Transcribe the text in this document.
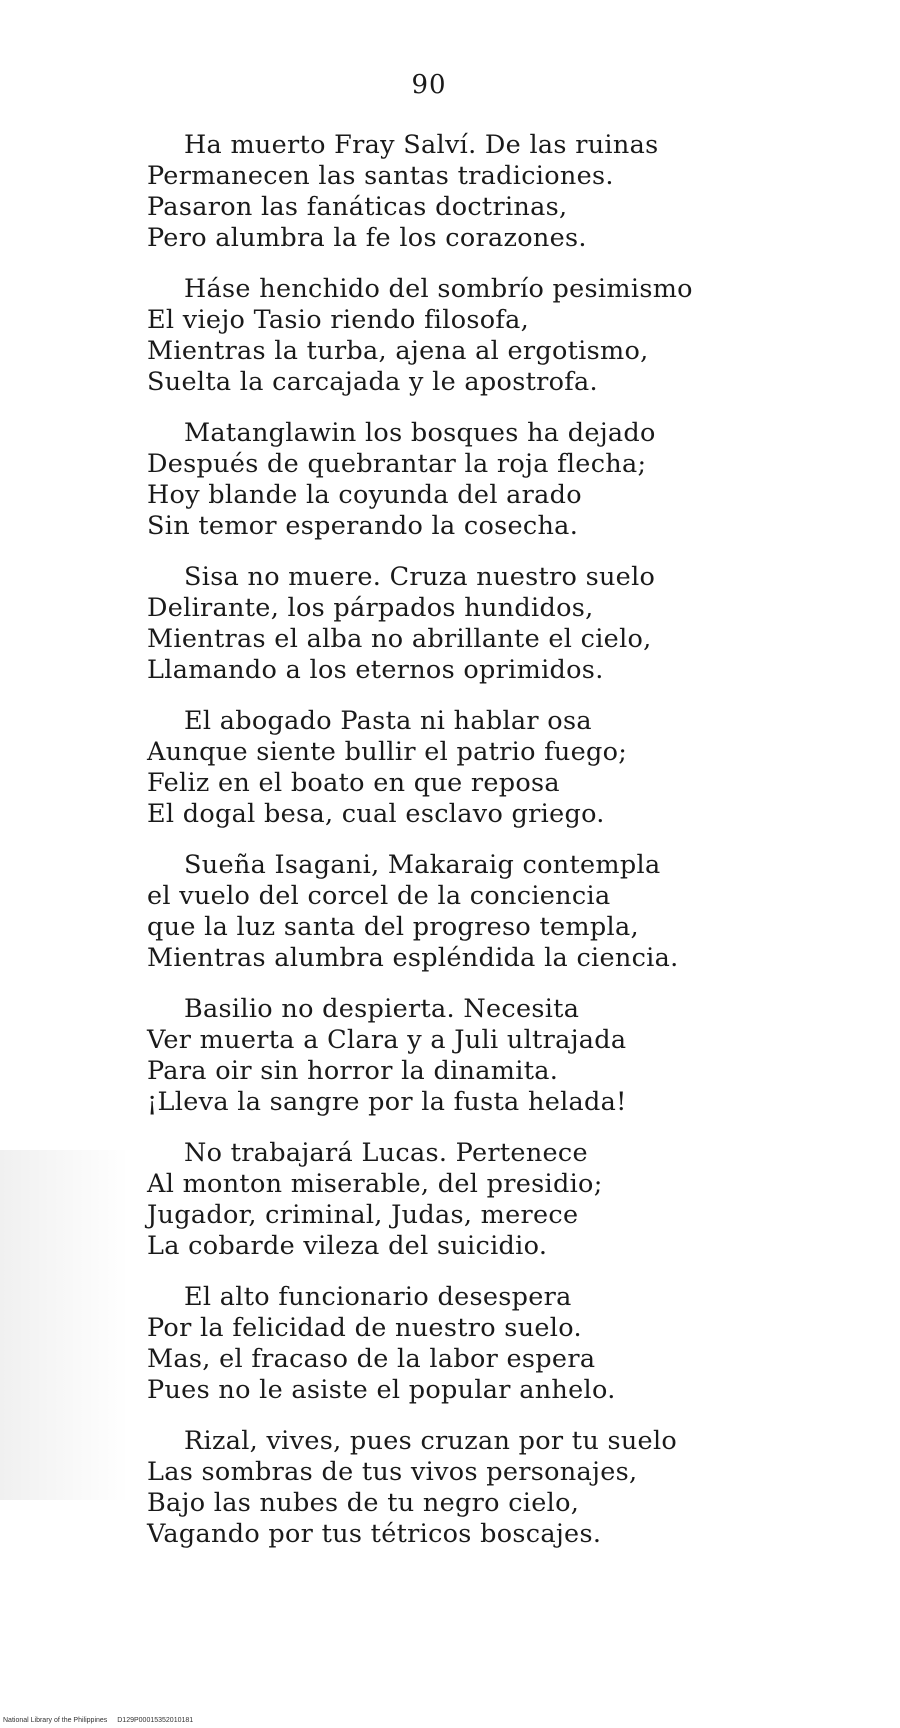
90
Ha muerto Fray Salví. De las ruinas
Permanecen las santas tradiciones.
Pasaron las fanáticas doctrinas,
Pero alumbra la fe los corazones.
Háse henchido del sombrío pesimismo
El viejo Tasio riendo filosofa,
Mientras la turba, ajena al ergotismo,
Suelta la carcajada y le apostrofa.
Matanglawin los bosques ha dejado
Después de quebrantar la roja flecha;
Hoy blande la coyunda del arado
Sin temor esperando la cosecha.
Sisa no muere. Cruza nuestro suelo
Delirante, los párpados hundidos,
Mientras el alba no abrillante el cielo,
Llamando a los eternos oprimidos.
El abogado Pasta ni hablar osa
Aunque siente bullir el patrio fuego;
Feliz en el boato en que reposa
El dogal besa, cual esclavo griego.
Sueña Isagani, Makaraig contempla
el vuelo del corcel de la conciencia
que la luz santa del progreso templa,
Mientras alumbra espléndida la ciencia.
Basilio no despierta. Necesita
Ver muerta a Clara y a Juli ultrajada
Para oir sin horror la dinamita.
¡Lleva la sangre por la fusta helada!
No trabajará Lucas. Pertenece
Al monton miserable, del presidio;
Jugador, criminal, Judas, merece
La cobarde vileza del suicidio.
El alto funcionario desespera
Por la felicidad de nuestro suelo.
Mas, el fracaso de la labor espera
Pues no le asiste el popular anhelo.
Rizal, vives, pues cruzan por tu suelo
Las sombras de tus vivos personajes,
Bajo las nubes de tu negro cielo,
Vagando por tus tétricos boscajes.
National Library of the Philippines D129P00015352010181
